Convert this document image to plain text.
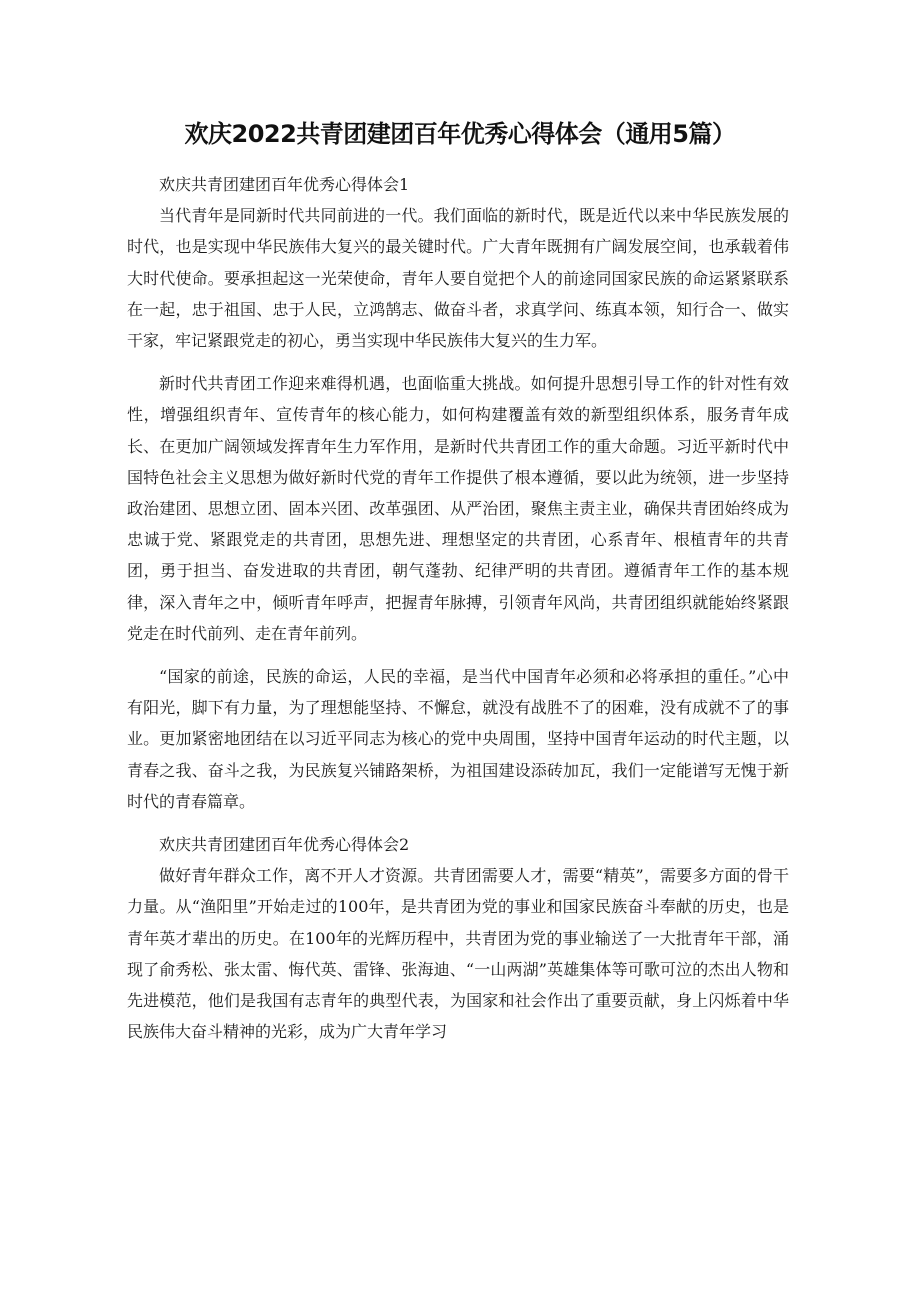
欢庆2022共青团建团百年优秀心得体会（通用5篇）

欢庆共青团建团百年优秀心得体会1

当代青年是同新时代共同前进的一代。我们面临的新时代，既是近代以来中华民族发展的时代，也是实现中华民族伟大复兴的最关键时代。广大青年既拥有广阔发展空间，也承载着伟大时代使命。要承担起这一光荣使命，青年人要自觉把个人的前途同国家民族的命运紧紧联系在一起，忠于祖国、忠于人民，立鸿鹄志、做奋斗者，求真学问、练真本领，知行合一、做实干家，牢记紧跟党走的初心，勇当实现中华民族伟大复兴的生力军。

新时代共青团工作迎来难得机遇，也面临重大挑战。如何提升思想引导工作的针对性有效性，增强组织青年、宣传青年的核心能力，如何构建覆盖有效的新型组织体系，服务青年成长、在更加广阔领域发挥青年生力军作用，是新时代共青团工作的重大命题。习近平新时代中国特色社会主义思想为做好新时代党的青年工作提供了根本遵循，要以此为统领，进一步坚持政治建团、思想立团、固本兴团、改革强团、从严治团，聚焦主责主业，确保共青团始终成为忠诚于党、紧跟党走的共青团，思想先进、理想坚定的共青团，心系青年、根植青年的共青团，勇于担当、奋发进取的共青团，朝气蓬勃、纪律严明的共青团。遵循青年工作的基本规律，深入青年之中，倾听青年呼声，把握青年脉搏，引领青年风尚，共青团组织就能始终紧跟党走在时代前列、走在青年前列。

“国家的前途，民族的命运，人民的幸福，是当代中国青年必须和必将承担的重任。”心中有阳光，脚下有力量，为了理想能坚持、不懈怠，就没有战胜不了的困难，没有成就不了的事业。更加紧密地团结在以习近平同志为核心的党中央周围，坚持中国青年运动的时代主题，以青春之我、奋斗之我，为民族复兴铺路架桥，为祖国建设添砖加瓦，我们一定能谱写无愧于新时代的青春篇章。

欢庆共青团建团百年优秀心得体会2

做好青年群众工作，离不开人才资源。共青团需要人才，需要“精英”，需要多方面的骨干力量。从“渔阳里”开始走过的100年，是共青团为党的事业和国家民族奋斗奉献的历史，也是青年英才辈出的历史。在100年的光辉历程中，共青团为党的事业输送了一大批青年干部，涌现了俞秀松、张太雷、悔代英、雷锋、张海迪、“一山两湖”英雄集体等可歌可泣的杰出人物和先进模范，他们是我国有志青年的典型代表，为国家和社会作出了重要贡献，身上闪烁着中华民族伟大奋斗精神的光彩，成为广大青年学习
